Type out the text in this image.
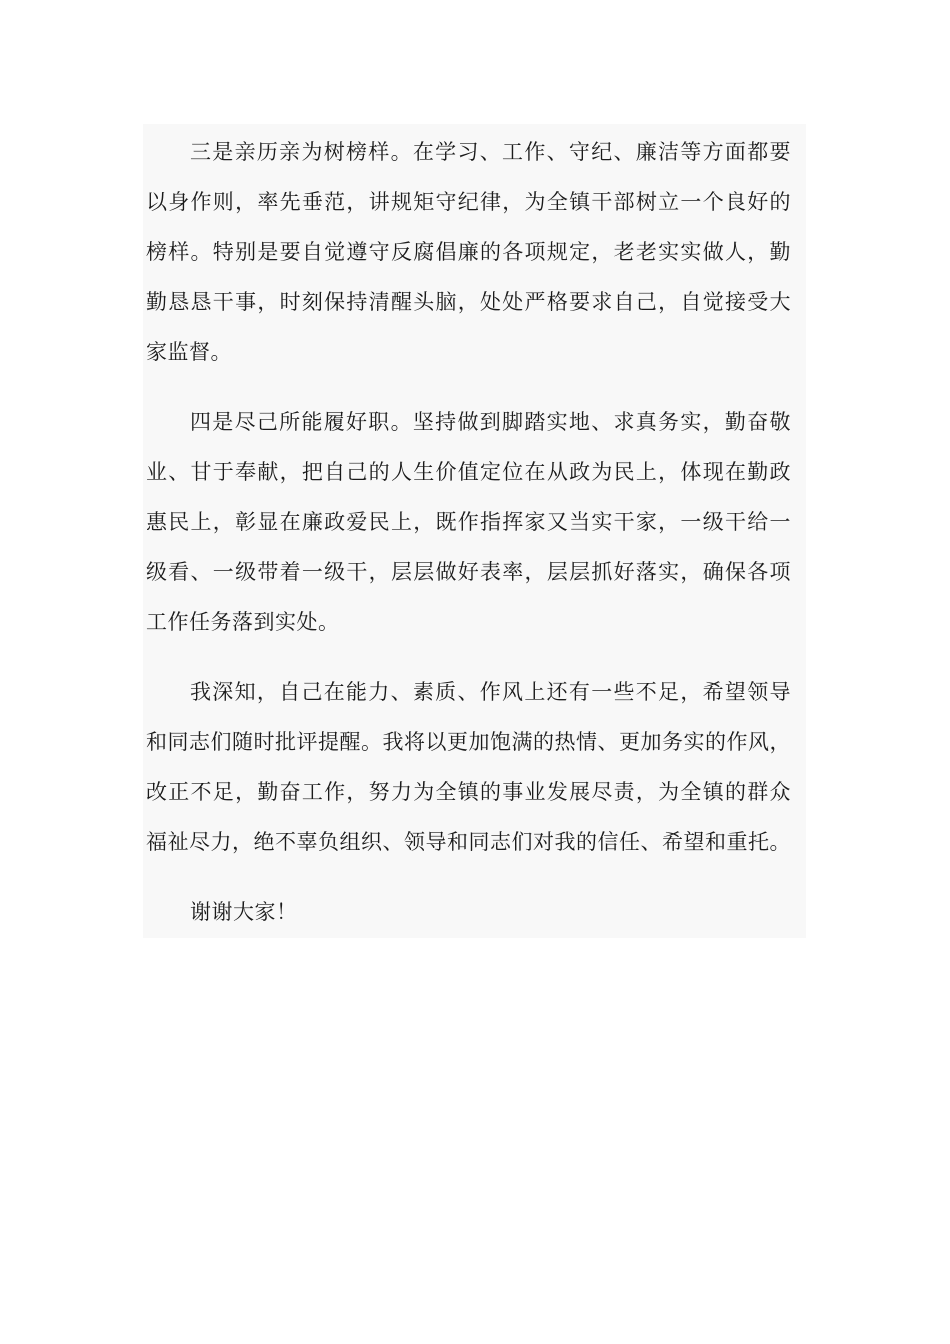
三是亲历亲为树榜样。在学习、工作、守纪、廉洁等方面都要
以身作则，率先垂范，讲规矩守纪律，为全镇干部树立一个良好的
榜样。特别是要自觉遵守反腐倡廉的各项规定，老老实实做人，勤
勤恳恳干事，时刻保持清醒头脑，处处严格要求自己，自觉接受大
家监督。
四是尽己所能履好职。坚持做到脚踏实地、求真务实，勤奋敬
业、甘于奉献，把自己的人生价值定位在从政为民上，体现在勤政
惠民上，彰显在廉政爱民上，既作指挥家又当实干家，一级干给一
级看、一级带着一级干，层层做好表率，层层抓好落实，确保各项
工作任务落到实处。
我深知，自己在能力、素质、作风上还有一些不足，希望领导
和同志们随时批评提醒。我将以更加饱满的热情、更加务实的作风，
改正不足，勤奋工作，努力为全镇的事业发展尽责，为全镇的群众
福祉尽力，绝不辜负组织、领导和同志们对我的信任、希望和重托。
谢谢大家！
